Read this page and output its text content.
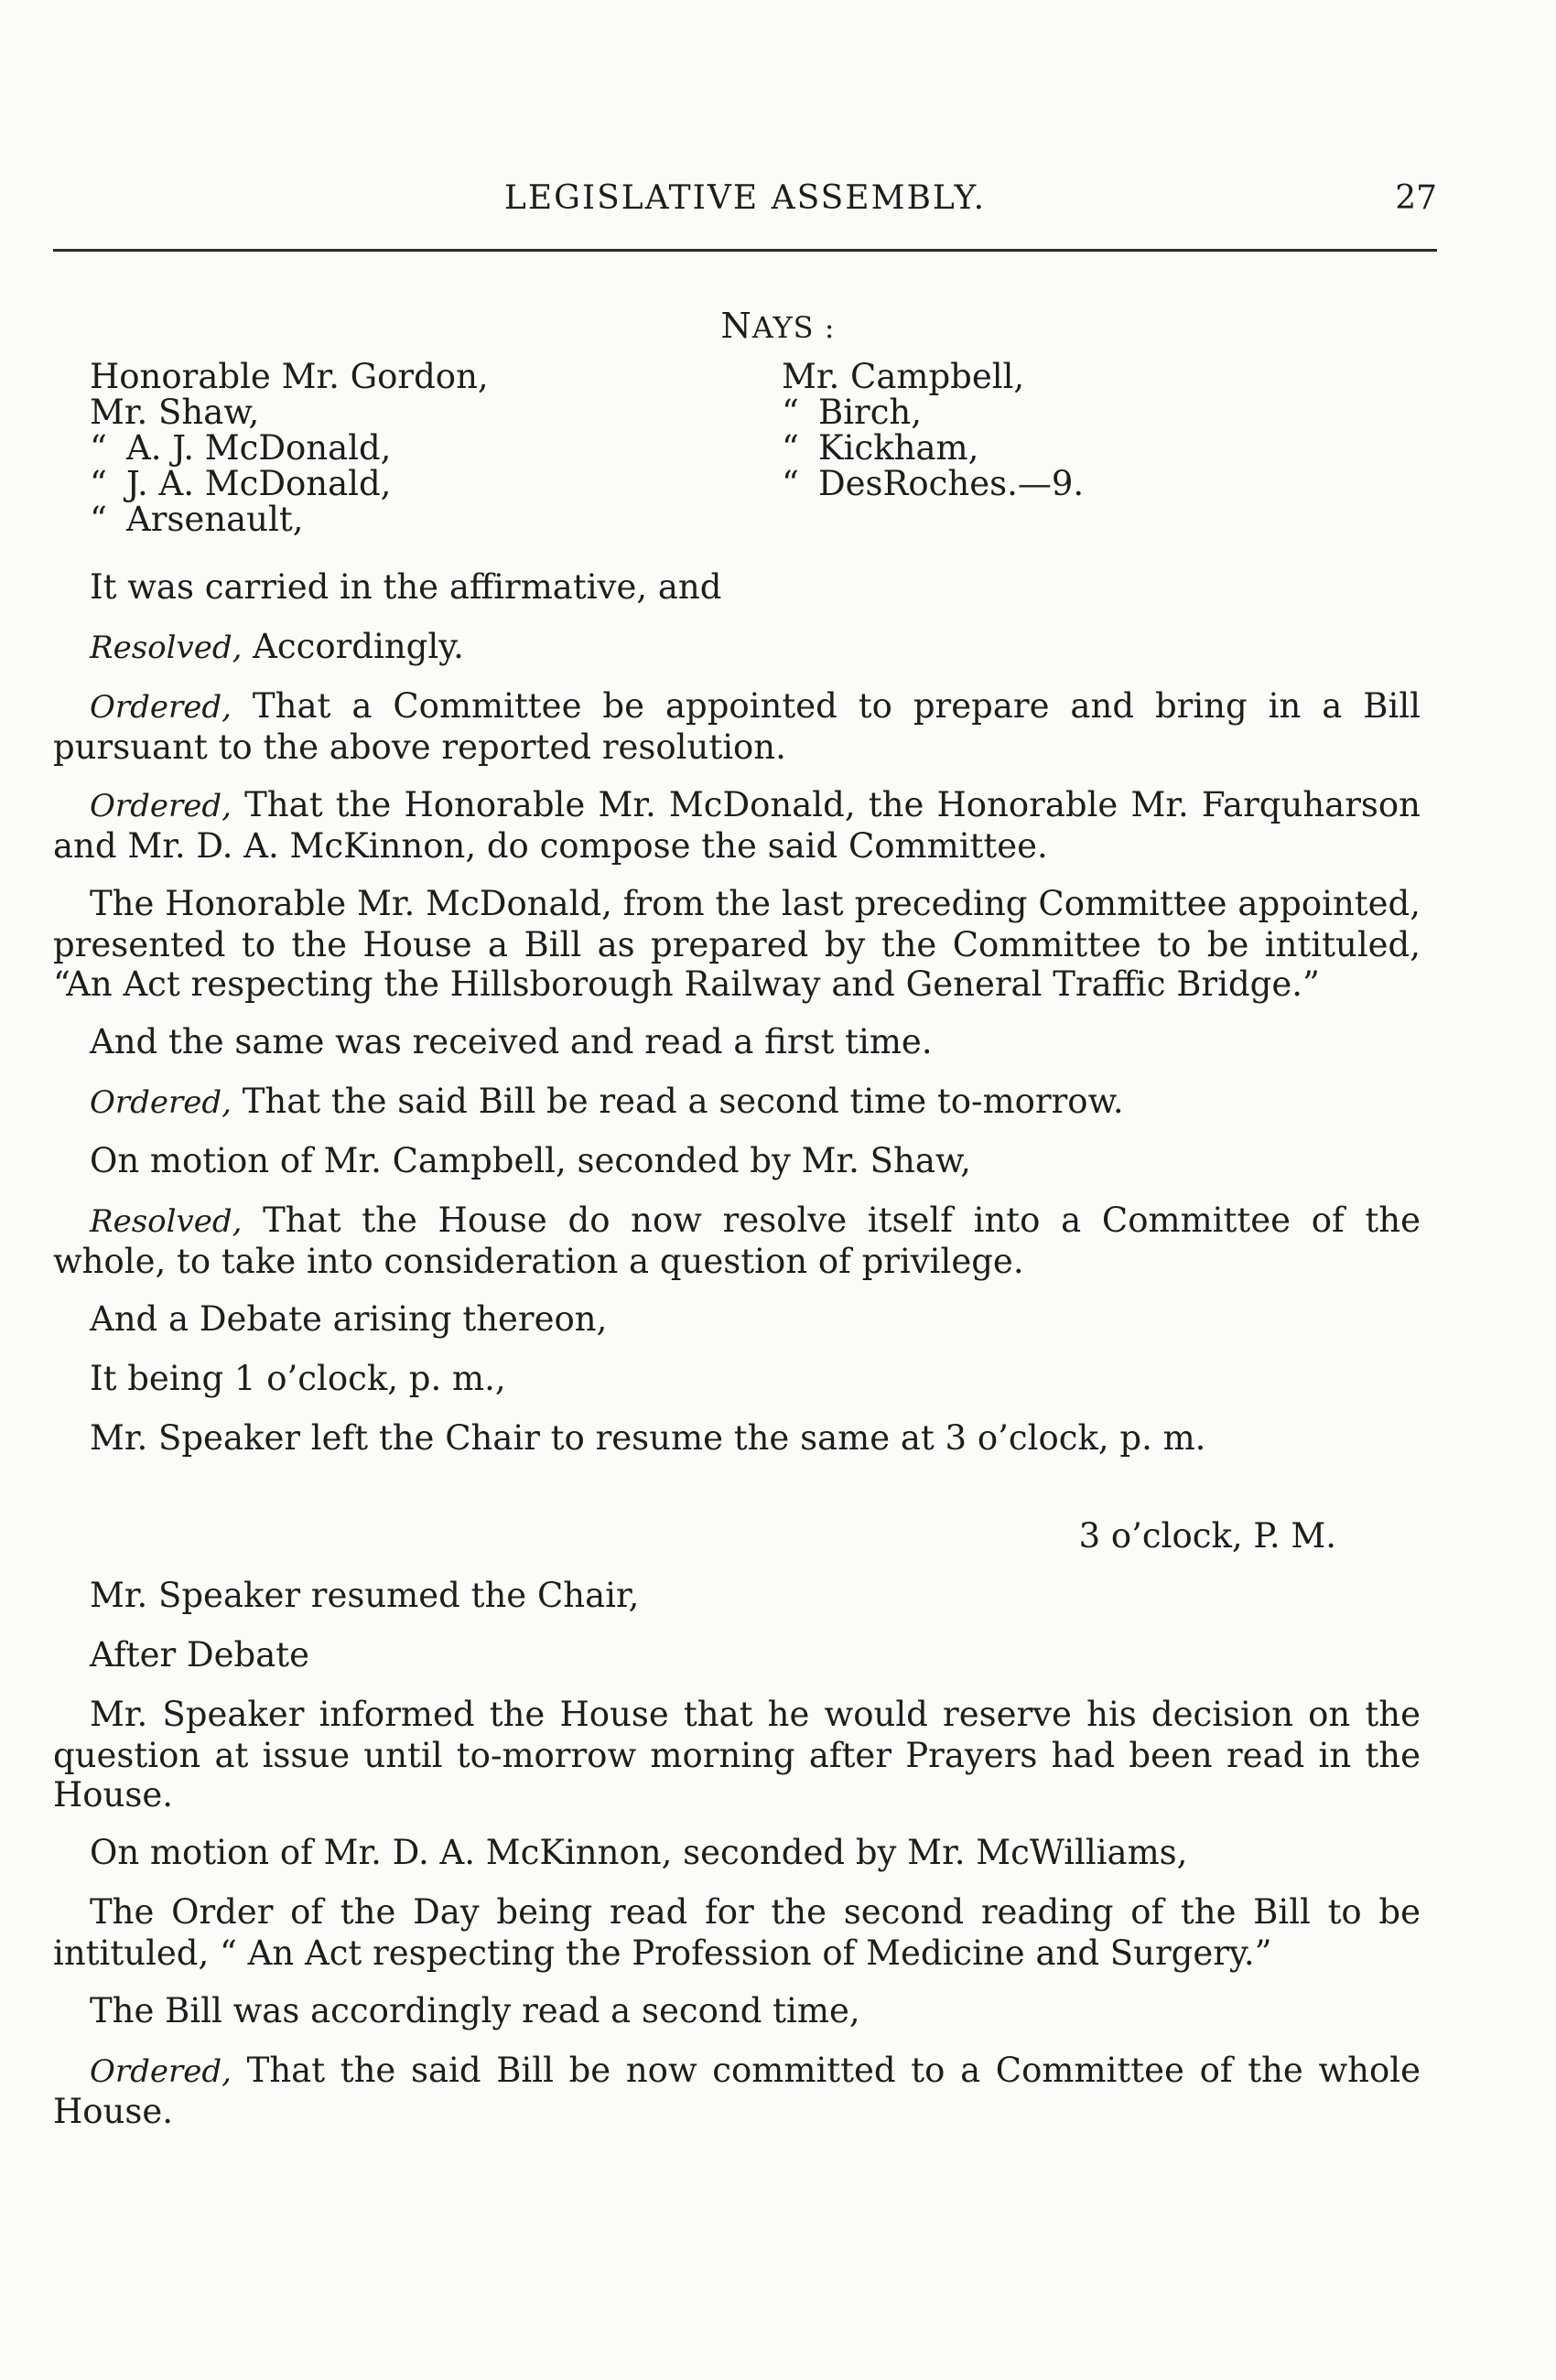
LEGISLATIVE ASSEMBLY.	27
NAYS :
Honorable Mr. Gordon,
Mr. Shaw,
“ A. J. McDonald,
“ J. A. McDonald,
“ Arsenault,
Mr. Campbell,
“ Birch,
“ Kickham,
“ DesRoches.—9.

It was carried in the affirmative, and

Resolved, Accordingly.

Ordered, That a Committee be appointed to prepare and bring in a Bill pursuant to the above reported resolution.

Ordered, That the Honorable Mr. McDonald, the Honorable Mr. Farquharson and Mr. D. A. McKinnon, do compose the said Committee.

The Honorable Mr. McDonald, from the last preceding Committee appointed, presented to the House a Bill as prepared by the Committee to be intituled, “An Act respecting the Hillsborough Railway and General Traffic Bridge.”

And the same was received and read a first time.

Ordered, That the said Bill be read a second time to-morrow.

On motion of Mr. Campbell, seconded by Mr. Shaw,

Resolved, That the House do now resolve itself into a Committee of the whole, to take into consideration a question of privilege.

And a Debate arising thereon,

It being 1 o’clock, p. m.,

Mr. Speaker left the Chair to resume the same at 3 o’clock, p. m.

3 o’clock, P. M.

Mr. Speaker resumed the Chair,

After Debate

Mr. Speaker informed the House that he would reserve his decision on the question at issue until to-morrow morning after Prayers had been read in the House.

On motion of Mr. D. A. McKinnon, seconded by Mr. McWilliams,

The Order of the Day being read for the second reading of the Bill to be intituled, “ An Act respecting the Profession of Medicine and Surgery.”

The Bill was accordingly read a second time,

Ordered, That the said Bill be now committed to a Committee of the whole House.
